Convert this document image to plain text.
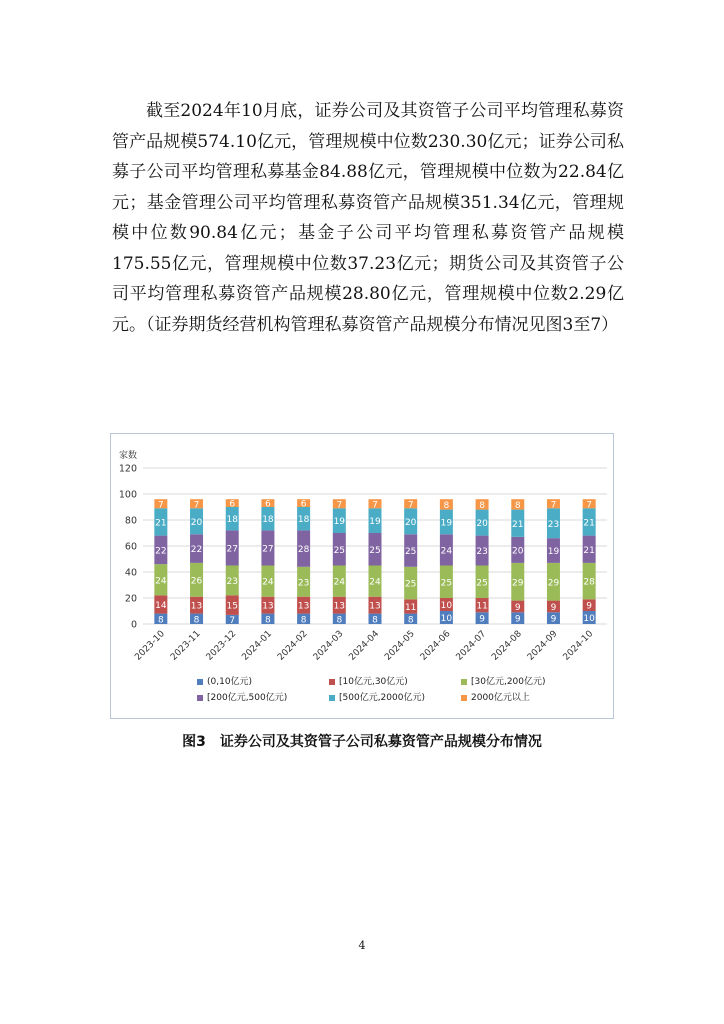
截至2024年10月底，证券公司及其资管子公司平均管理私募资管产品规模574.10亿元，管理规模中位数230.30亿元；证券公司私募子公司平均管理私募基金84.88亿元，管理规模中位数为22.84亿元；基金管理公司平均管理私募资管产品规模351.34亿元，管理规模中位数90.84亿元；基金子公司平均管理私募资管产品规模175.55亿元，管理规模中位数37.23亿元；期货公司及其资管子公司平均管理私募资管产品规模28.80亿元，管理规模中位数2.29亿元。（证券期货经营机构管理私募资管产品规模分布情况见图3至7）

家数
0
20
40
60
80
100
120
8
14
24
22
21
7
2023-10
8
13
26
22
20
7
2023-11
7
15
23
27
18
6
2023-12
8
13
24
27
18
6
2024-01
8
13
23
28
18
6
2024-02
8
13
24
25
19
7
2024-03
8
13
24
25
19
7
2024-04
8
11
25
25
20
7
2024-05
10
10
25
24
19
8
2024-06
9
11
25
23
20
8
2024-07
9
9
29
20
21
8
2024-08
9
9
29
19
23
7
2024-09
10
9
28
21
21
7
2024-10
(0,10亿元)	[10亿元,30亿元)	[30亿元,200亿元)
[200亿元,500亿元)	[500亿元,2000亿元)	2000亿元以上
图3 证券公司及其资管子公司私募资管产品规模分布情况
4
